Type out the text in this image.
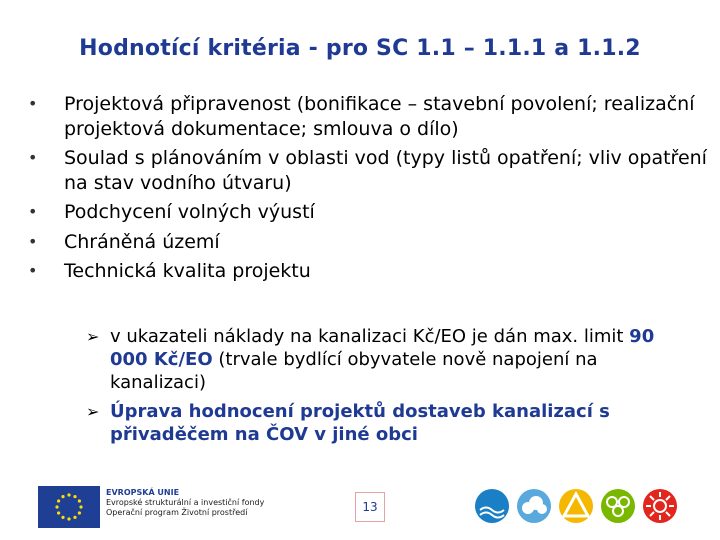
Hodnotící kritéria - pro SC 1.1 – 1.1.1 a 1.1.2
• Projektová připravenost (bonifikace – stavební povolení; realizační projektová dokumentace; smlouva o dílo)
• Soulad s plánováním v oblasti vod (typy listů opatření; vliv opatření na stav vodního útvaru)
• Podchycení volných výustí
• Chráněná území
• Technická kvalita projektu
➢ v ukazateli náklady na kanalizaci Kč/EO je dán max. limit 90 000 Kč/EO (trvale bydlící obyvatele nově napojení na kanalizaci)
➢ Úprava hodnocení projektů dostaveb kanalizací s přivaděčem na ČOV v jiné obci
EVROPSKÁ UNIE
Evropské strukturální a investiční fondy
Operační program Životní prostředí	13
